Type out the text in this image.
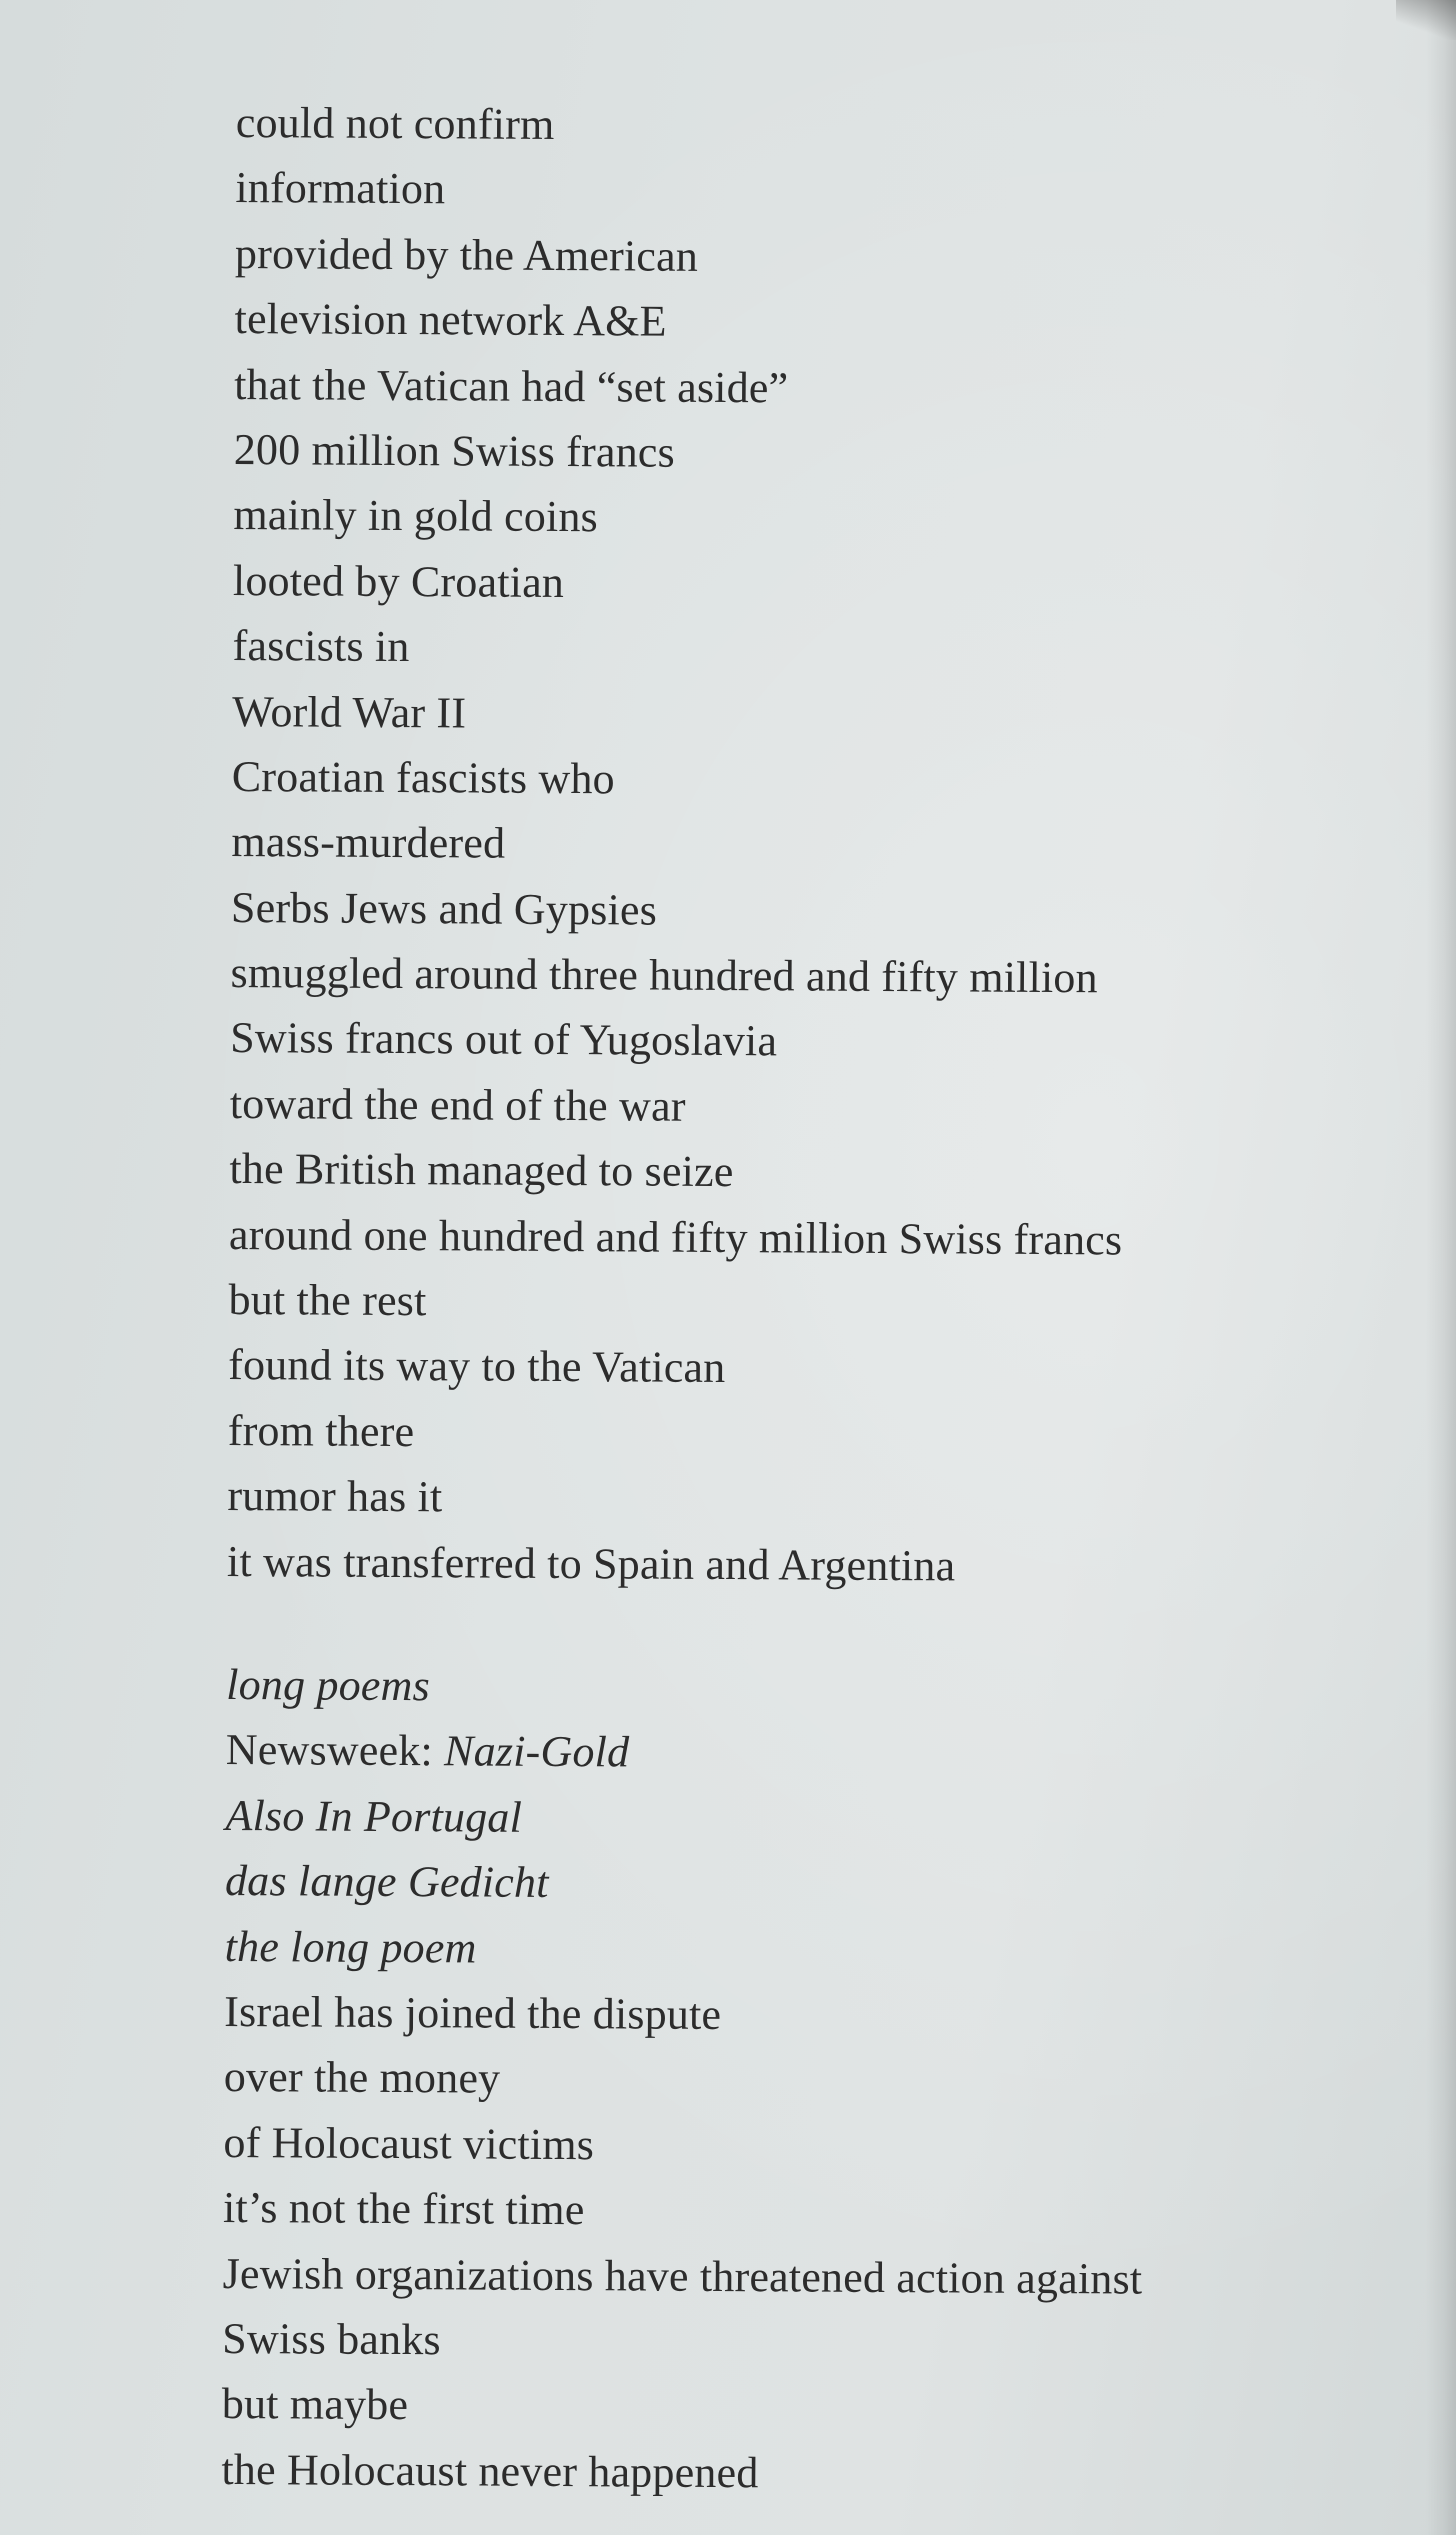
could not confirm
information
provided by the American
television network A&E
that the Vatican had “set aside”
200 million Swiss francs
mainly in gold coins
looted by Croatian
fascists in
World War II
Croatian fascists who
mass-murdered
Serbs Jews and Gypsies
smuggled around three hundred and fifty million
Swiss francs out of Yugoslavia
toward the end of the war
the British managed to seize
around one hundred and fifty million Swiss francs
but the rest
found its way to the Vatican
from there
rumor has it
it was transferred to Spain and Argentina
long poems
Newsweek: Nazi-Gold
Also In Portugal
das lange Gedicht
the long poem
Israel has joined the dispute
over the money
of Holocaust victims
it’s not the first time
Jewish organizations have threatened action against
Swiss banks
but maybe
the Holocaust never happened
